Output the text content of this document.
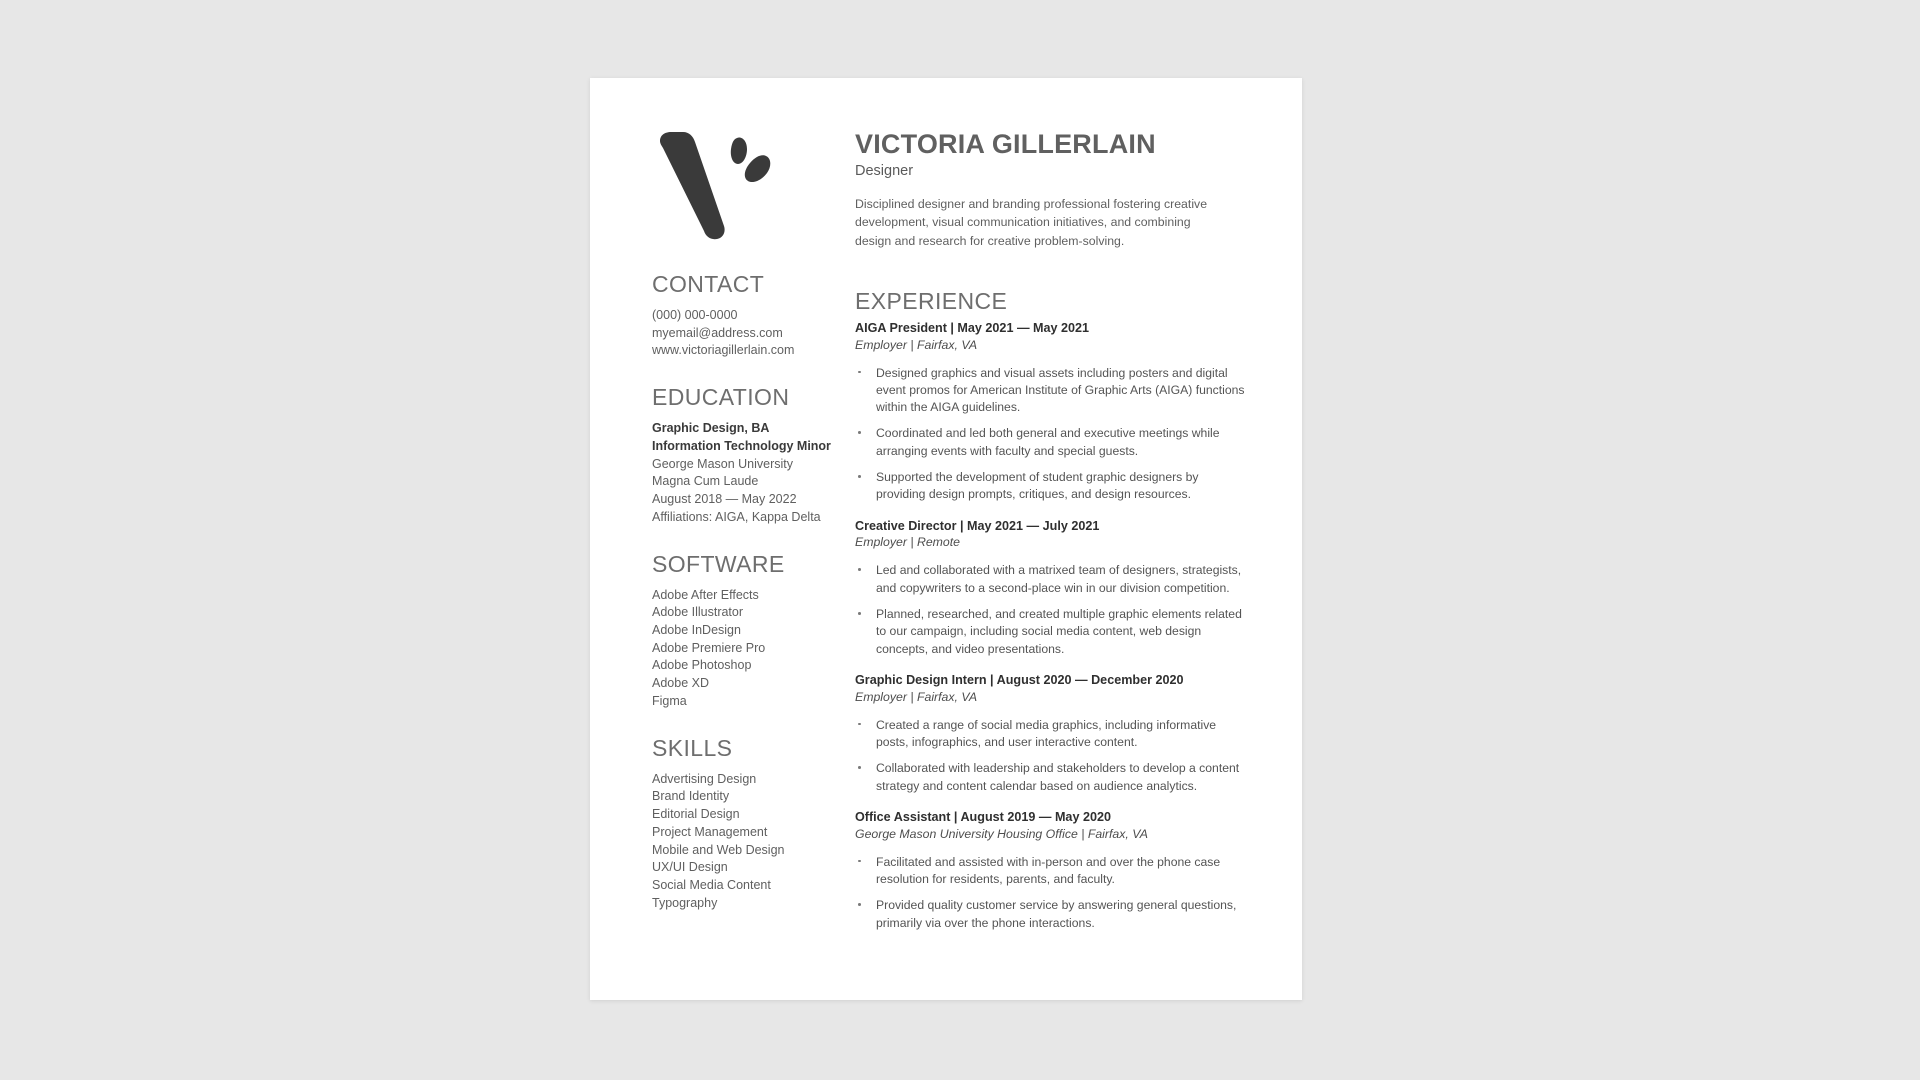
CONTACT
(000) 000-0000
myemail@address.com
www.victoriagillerlain.com
EDUCATION
Graphic Design, BA
Information Technology Minor
George Mason University
Magna Cum Laude
August 2018 — May 2022
Affiliations: AIGA, Kappa Delta
SOFTWARE
Adobe After Effects
Adobe Illustrator
Adobe InDesign
Adobe Premiere Pro
Adobe Photoshop
Adobe XD
Figma
SKILLS
Advertising Design
Brand Identity
Editorial Design
Project Management
Mobile and Web Design
UX/UI Design
Social Media Content
Typography
VICTORIA GILLERLAIN
Designer
Disciplined designer and branding professional fostering creative development, visual communication initiatives, and combining design and research for creative problem-solving.
EXPERIENCE
AIGA President | May 2021 — May 2021
Employer | Fairfax, VA
Designed graphics and visual assets including posters and digital event promos for American Institute of Graphic Arts (AIGA) functions within the AIGA guidelines.
Coordinated and led both general and executive meetings while arranging events with faculty and special guests.
Supported the development of student graphic designers by providing design prompts, critiques, and design resources.
Creative Director | May 2021 — July 2021
Employer | Remote
Led and collaborated with a matrixed team of designers, strategists, and copywriters to a second-place win in our division competition.
Planned, researched, and created multiple graphic elements related to our campaign, including social media content, web design concepts, and video presentations.
Graphic Design Intern | August 2020 — December 2020
Employer | Fairfax, VA
Created a range of social media graphics, including informative posts, infographics, and user interactive content.
Collaborated with leadership and stakeholders to develop a content strategy and content calendar based on audience analytics.
Office Assistant | August 2019 — May 2020
George Mason University Housing Office | Fairfax, VA
Facilitated and assisted with in-person and over the phone case resolution for residents, parents, and faculty.
Provided quality customer service by answering general questions, primarily via over the phone interactions.
